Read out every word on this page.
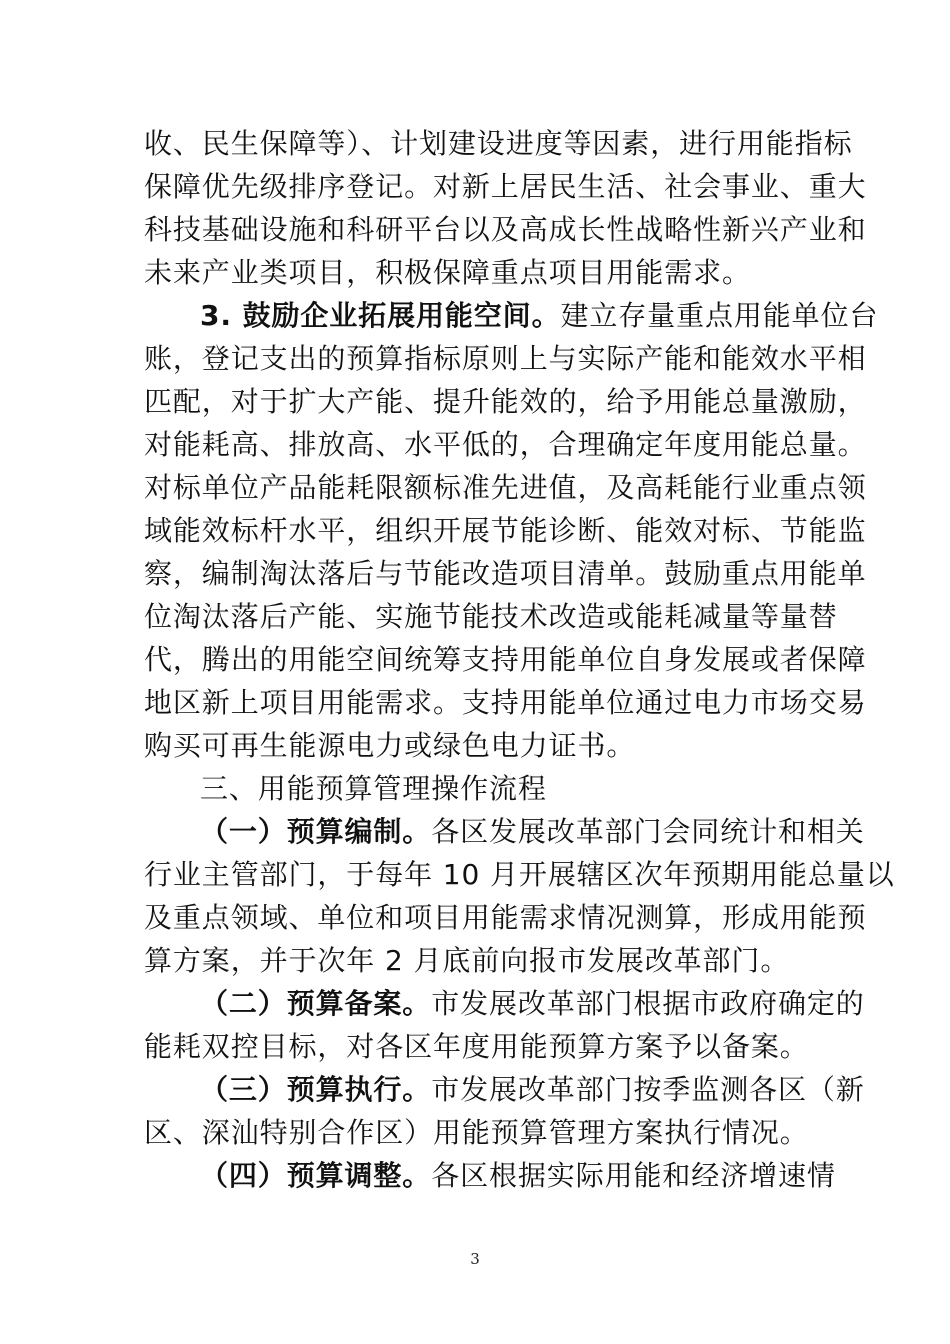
收、民生保障等）、计划建设进度等因素，进行用能指标
保障优先级排序登记。对新上居民生活、社会事业、重大
科技基础设施和科研平台以及高成长性战略性新兴产业和
未来产业类项目，积极保障重点项目用能需求。
3. 鼓励企业拓展用能空间。建立存量重点用能单位台
账，登记支出的预算指标原则上与实际产能和能效水平相
匹配，对于扩大产能、提升能效的，给予用能总量激励，
对能耗高、排放高、水平低的，合理确定年度用能总量。
对标单位产品能耗限额标准先进值，及高耗能行业重点领
域能效标杆水平，组织开展节能诊断、能效对标、节能监
察，编制淘汰落后与节能改造项目清单。鼓励重点用能单
位淘汰落后产能、实施节能技术改造或能耗减量等量替
代，腾出的用能空间统筹支持用能单位自身发展或者保障
地区新上项目用能需求。支持用能单位通过电力市场交易
购买可再生能源电力或绿色电力证书。
三、用能预算管理操作流程
（一）预算编制。各区发展改革部门会同统计和相关
行业主管部门，于每年 10 月开展辖区次年预期用能总量以
及重点领域、单位和项目用能需求情况测算，形成用能预
算方案，并于次年 2 月底前向报市发展改革部门。
（二）预算备案。市发展改革部门根据市政府确定的
能耗双控目标，对各区年度用能预算方案予以备案。
（三）预算执行。市发展改革部门按季监测各区（新
区、深汕特别合作区）用能预算管理方案执行情况。
（四）预算调整。各区根据实际用能和经济增速情
3
